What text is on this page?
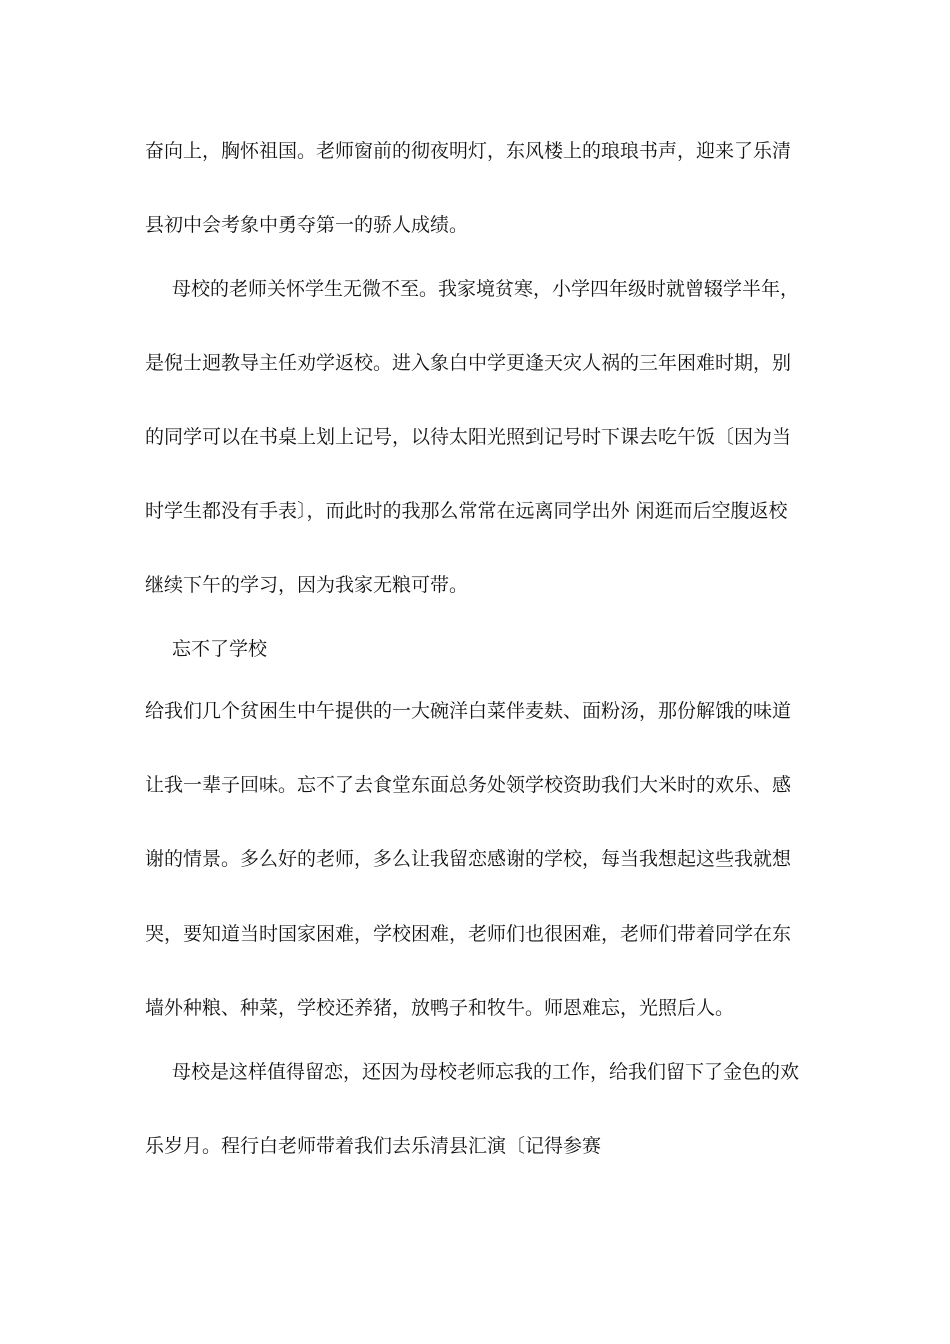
奋向上，胸怀祖国。老师窗前的彻夜明灯，东风楼上的琅琅书声，迎来了乐清
县初中会考象中勇夺第一的骄人成绩。
母校的老师关怀学生无微不至。我家境贫寒，小学四年级时就曾辍学半年，
是倪士迥教导主任劝学返校。进入象白中学更逢天灾人祸的三年困难时期，别
的同学可以在书桌上划上记号，以待太阳光照到记号时下课去吃午饭〔因为当
时学生都没有手表〕，而此时的我那么常常在远离同学出外 闲逛而后空腹返校
继续下午的学习，因为我家无粮可带。
忘不了学校
给我们几个贫困生中午提供的一大碗洋白菜伴麦麸、面粉汤，那份解饿的味道
让我一辈子回味。忘不了去食堂东面总务处领学校资助我们大米时的欢乐、感
谢的情景。多么好的老师，多么让我留恋感谢的学校，每当我想起这些我就想
哭，要知道当时国家困难，学校困难，老师们也很困难，老师们带着同学在东
墙外种粮、种菜，学校还养猪，放鸭子和牧牛。师恩难忘，光照后人。
母校是这样值得留恋，还因为母校老师忘我的工作，给我们留下了金色的欢
乐岁月。程行白老师带着我们去乐清县汇演〔记得参赛
